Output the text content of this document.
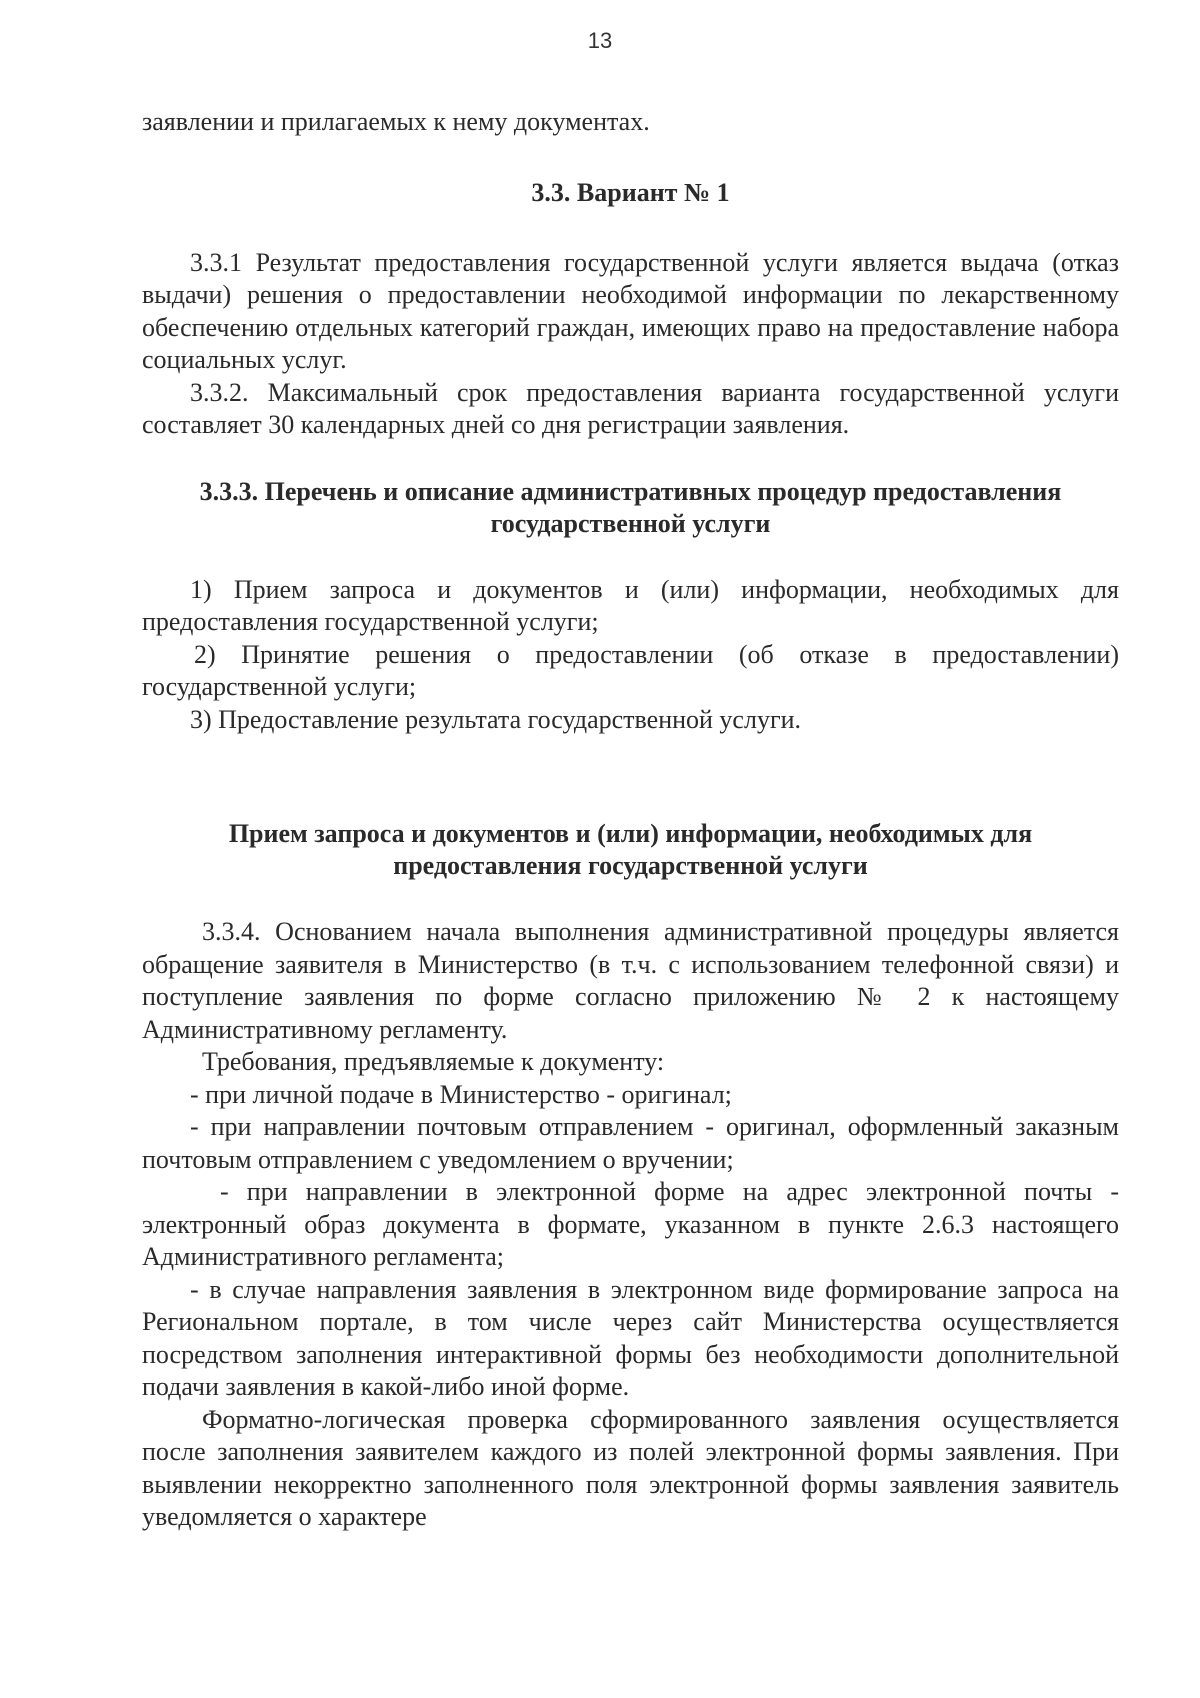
13

заявлении и прилагаемых к нему документах.

3.3. Вариант № 1

3.3.1 Результат предоставления государственной услуги является выдача (отказ выдачи) решения о предоставлении необходимой информации по лекарственному обеспечению отдельных категорий граждан, имеющих право на предоставление набора социальных услуг.

3.3.2. Максимальный срок предоставления варианта государственной услуги составляет 30 календарных дней со дня регистрации заявления.

3.3.3. Перечень и описание административных процедур предоставления государственной услуги

1) Прием запроса и документов и (или) информации, необходимых для предоставления государственной услуги;

2) Принятие решения о предоставлении (об отказе в предоставлении) государственной услуги;

3) Предоставление результата государственной услуги.

Прием запроса и документов и (или) информации, необходимых для предоставления государственной услуги

3.3.4. Основанием начала выполнения административной процедуры является обращение заявителя в Министерство (в т.ч. с использованием телефонной связи) и поступление заявления по форме согласно приложению № 2 к настоящему Административному регламенту.

Требования, предъявляемые к документу:

- при личной подаче в Министерство - оригинал;

- при направлении почтовым отправлением - оригинал, оформленный заказным почтовым отправлением с уведомлением о вручении;

- при направлении в электронной форме на адрес электронной почты - электронный образ документа в формате, указанном в пункте 2.6.3 настоящего Административного регламента;

- в случае направления заявления в электронном виде формирование запроса на Региональном портале, в том числе через сайт Министерства осуществляется посредством заполнения интерактивной формы без необходимости дополнительной подачи заявления в какой-либо иной форме.

Форматно-логическая проверка сформированного заявления осуществляется после заполнения заявителем каждого из полей электронной формы заявления. При выявлении некорректно заполненного поля электронной формы заявления заявитель уведомляется о характере
